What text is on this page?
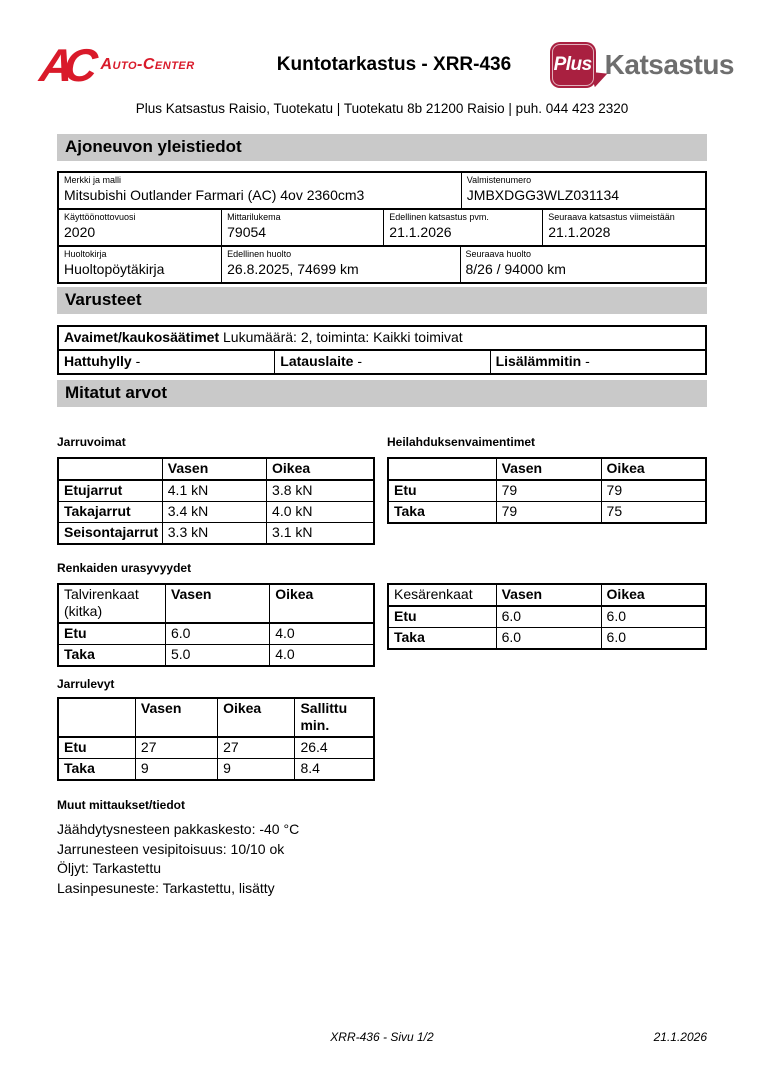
AC Auto-Center	Kuntotarkastus - XRR-436	Plus Katsastus
Plus Katsastus Raisio, Tuotekatu | Tuotekatu 8b 21200 Raisio | puh. 044 423 2320
Ajoneuvon yleistiedot
Merkki ja malli
Mitsubishi Outlander Farmari (AC) 4ov 2360cm3
Valmistenumero
JMBXDGG3WLZ031134
Käyttöönottovuosi
2020
Mittarilukema
79054
Edellinen katsastus pvm.
21.1.2026
Seuraava katsastus viimeistään
21.1.2028
Huoltokirja
Huoltopöytäkirja
Edellinen huolto
26.8.2025, 74699 km
Seuraava huolto
8/26 / 94000 km
Varusteet
Avaimet/kaukosäätimet Lukumäärä: 2, toiminta: Kaikki toimivat
Hattuhylly -	Latauslaite -	Lisälämmitin -
Mitatut arvot
Jarruvoimat
	Vasen	Oikea
Etujarrut	4.1 kN	3.8 kN
Takajarrut	3.4 kN	4.0 kN
Seisontajarrut	3.3 kN	3.1 kN
Heilahduksenvaimentimet
	Vasen	Oikea
Etu	79	79
Taka	79	75
Renkaiden urasyvyydet
Talvirenkaat (kitka)	Vasen	Oikea
Etu	6.0	4.0
Taka	5.0	4.0
Kesärenkaat	Vasen	Oikea
Etu	6.0	6.0
Taka	6.0	6.0
Jarrulevyt
	Vasen	Oikea	Sallittu min.
Etu	27	27	26.4
Taka	9	9	8.4
Muut mittaukset/tiedot
Jäähdytysnesteen pakkaskesto: -40 °C
Jarrunesteen vesipitoisuus: 10/10 ok
Öljyt: Tarkastettu
Lasinpesuneste: Tarkastettu, lisätty
XRR-436 - Sivu 1/2	21.1.2026
